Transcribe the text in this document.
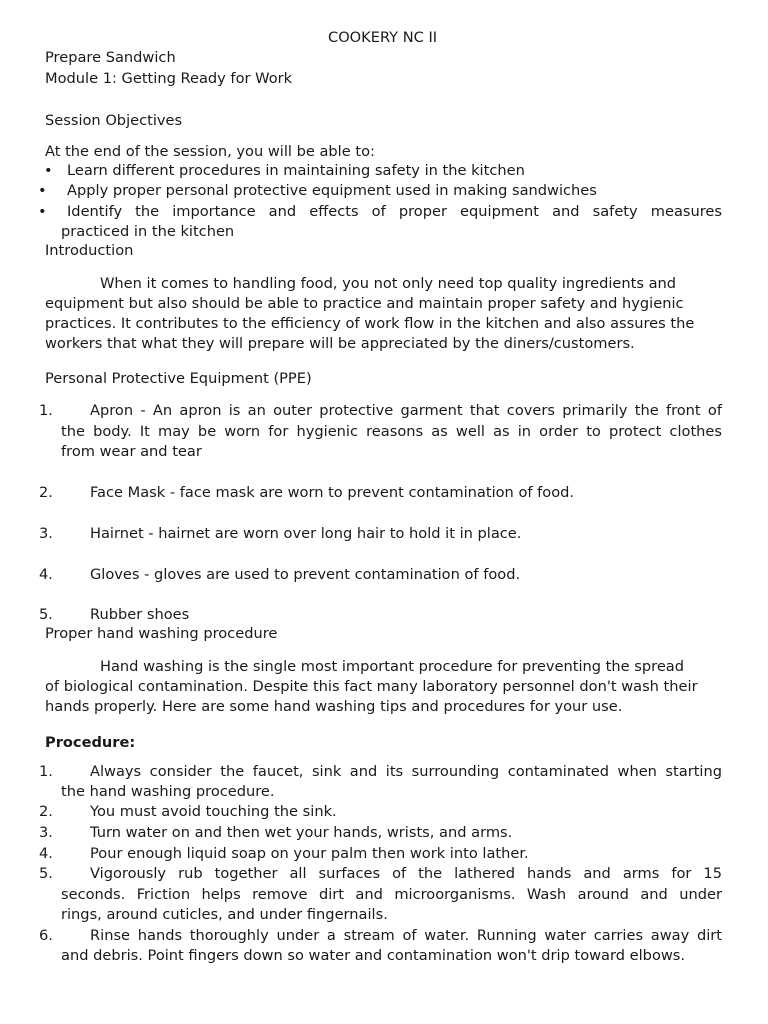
COOKERY NC II
Prepare Sandwich
Module 1: Getting Ready for Work
Session Objectives
At the end of the session, you will be able to:
• Learn different procedures in maintaining safety in the kitchen
• Apply proper personal protective equipment used in making sandwiches
• Identify the importance and effects of proper equipment and safety measures
practiced in the kitchen
Introduction
When it comes to handling food, you not only need top quality ingredients and
equipment but also should be able to practice and maintain proper safety and hygienic
practices. It contributes to the efficiency of work flow in the kitchen and also assures the
workers that what they will prepare will be appreciated by the diners/customers.
Personal Protective Equipment (PPE)
1.	Apron - An apron is an outer protective garment that covers primarily the front of
the body. It may be worn for hygienic reasons as well as in order to protect clothes
from wear and tear
2.	Face Mask - face mask are worn to prevent contamination of food.
3.	Hairnet - hairnet are worn over long hair to hold it in place.
4.	Gloves - gloves are used to prevent contamination of food.
5.	Rubber shoes
Proper hand washing procedure
Hand washing is the single most important procedure for preventing the spread
of biological contamination. Despite this fact many laboratory personnel don't wash their
hands properly. Here are some hand washing tips and procedures for your use.
Procedure:
1.	Always consider the faucet, sink and its surrounding contaminated when starting
the hand washing procedure.
2.	You must avoid touching the sink.
3.	Turn water on and then wet your hands, wrists, and arms.
4.	Pour enough liquid soap on your palm then work into lather.
5.	Vigorously rub together all surfaces of the lathered hands and arms for 15
seconds. Friction helps remove dirt and microorganisms. Wash around and under
rings, around cuticles, and under fingernails.
6.	Rinse hands thoroughly under a stream of water. Running water carries away dirt
and debris. Point fingers down so water and contamination won't drip toward elbows.
